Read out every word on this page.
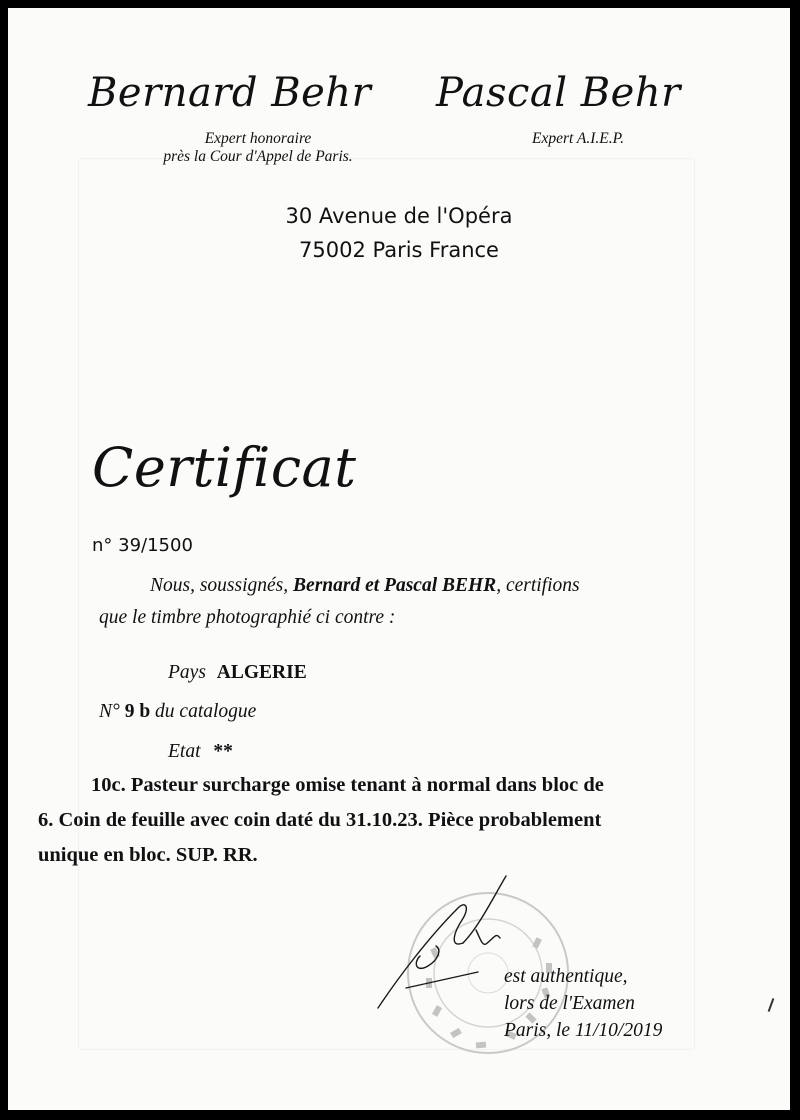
Bernard Behr Pascal Behr
Expert honoraire
près la Cour d'Appel de Paris.
Expert A.I.E.P.
30 Avenue de l'Opéra
75002 Paris France
Certificat
n° 39/1500
Nous, soussignés, Bernard et Pascal BEHR, certifions
que le timbre photographié ci contre :
Pays ALGERIE
N° 9 b du catalogue
Etat **
10c. Pasteur surcharge omise tenant à normal dans bloc de
6. Coin de feuille avec coin daté du 31.10.23. Pièce probablement
unique en bloc. SUP. RR.
est authentique,
lors de l'Examen
Paris, le 11/10/2019
